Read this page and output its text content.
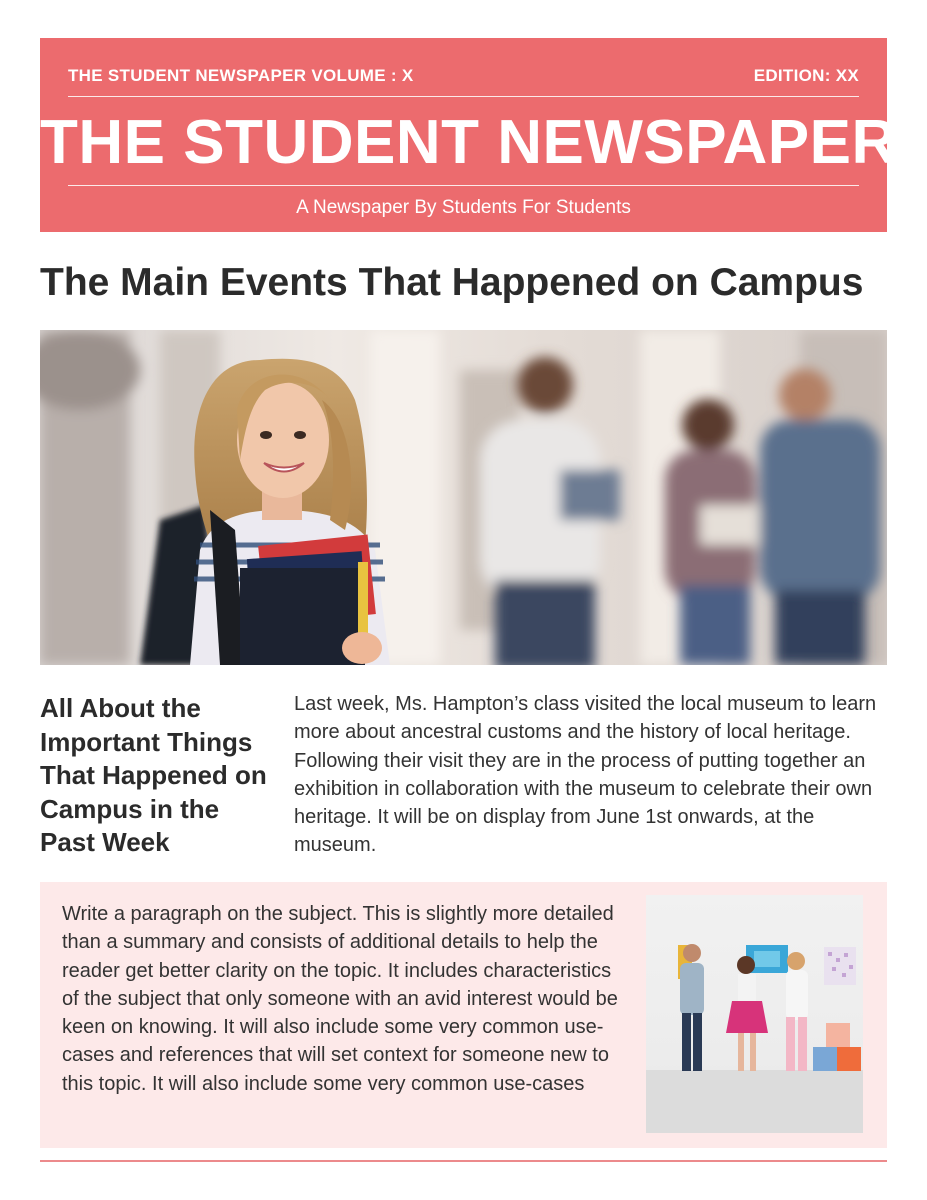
THE STUDENT NEWSPAPER VOLUME : X	EDITION: XX
THE STUDENT NEWSPAPER
A Newspaper By Students For Students
The Main Events That Happened on Campus
All About the Important Things That Happened on Campus in the Past Week

Last week, Ms. Hampton’s class visited the local museum to learn more about ancestral customs and the history of local heritage. Following their visit they are in the process of putting together an exhibition in collaboration with the museum to celebrate their own heritage. It will be on display from June 1st onwards, at the museum.

Write a paragraph on the subject. This is slightly more detailed than a summary and consists of additional details to help the reader get better clarity on the topic. It includes characteristics of the subject that only someone with an avid interest would be keen on knowing. It will also include some very common use-cases and references that will set context for someone new to this topic. It will also include some very common use-cases
